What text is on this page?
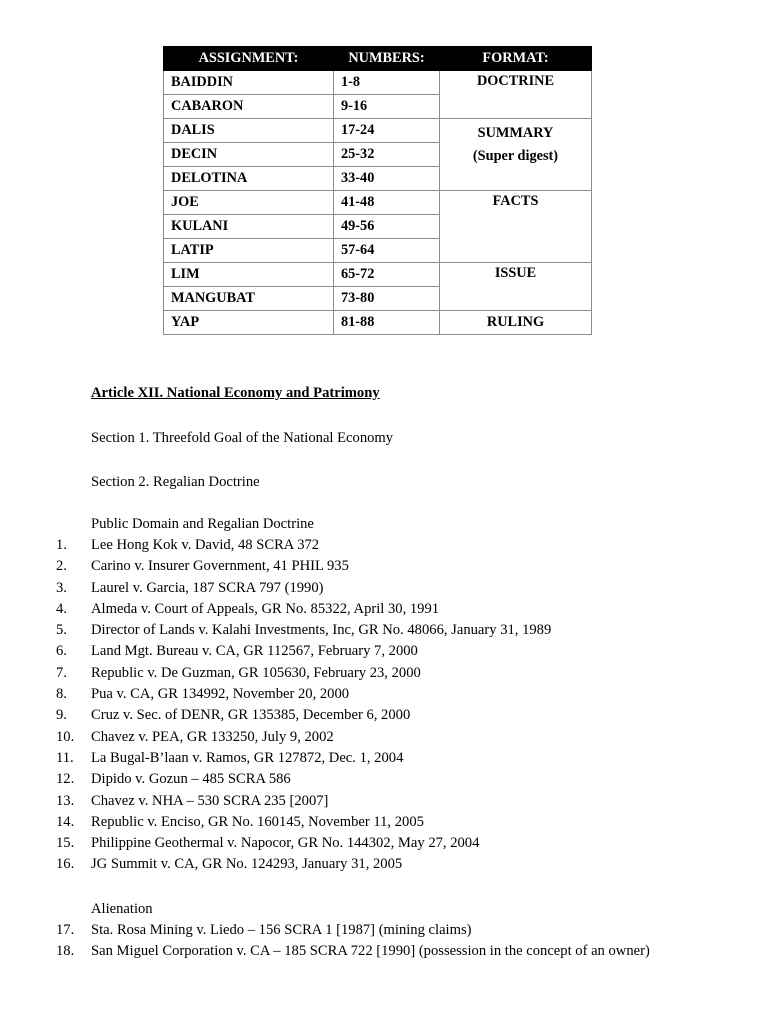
ASSIGNMENT:	NUMBERS:	FORMAT:
BAIDDIN	1-8	DOCTRINE
CABARON	9-16	
DALIS	17-24	SUMMARY
(Super digest)

DECIN	25-32	
DELOTINA	33-40	
JOE	41-48	FACTS
KULANI	49-56	
LATIP	57-64	
LIM	65-72	ISSUE
MANGUBAT	73-80	
YAP	81-88	RULING
Article XII. National Economy and Patrimony
Section 1. Threefold Goal of the National Economy
Section 2. Regalian Doctrine
Public Domain and Regalian Doctrine
1. Lee Hong Kok v. David, 48 SCRA 372
2. Carino v. Insurer Government, 41 PHIL 935
3. Laurel v. Garcia, 187 SCRA 797 (1990)
4. Almeda v. Court of Appeals, GR No. 85322, April 30, 1991
5. Director of Lands v. Kalahi Investments, Inc, GR No. 48066, January 31, 1989
6. Land Mgt. Bureau v. CA, GR 112567, February 7, 2000
7. Republic v. De Guzman, GR 105630, February 23, 2000
8. Pua v. CA, GR 134992, November 20, 2000
9. Cruz v. Sec. of DENR, GR 135385, December 6, 2000
10. Chavez v. PEA, GR 133250, July 9, 2002
11. La Bugal-B’laan v. Ramos, GR 127872, Dec. 1, 2004
12. Dipido v. Gozun – 485 SCRA 586
13. Chavez v. NHA – 530 SCRA 235 [2007]
14. Republic v. Enciso, GR No. 160145, November 11, 2005
15. Philippine Geothermal v. Napocor, GR No. 144302, May 27, 2004
16. JG Summit v. CA, GR No. 124293, January 31, 2005
Alienation
17. Sta. Rosa Mining v. Liedo – 156 SCRA 1 [1987] (mining claims)
18. San Miguel Corporation v. CA – 185 SCRA 722 [1990] (possession in the concept of an owner)
